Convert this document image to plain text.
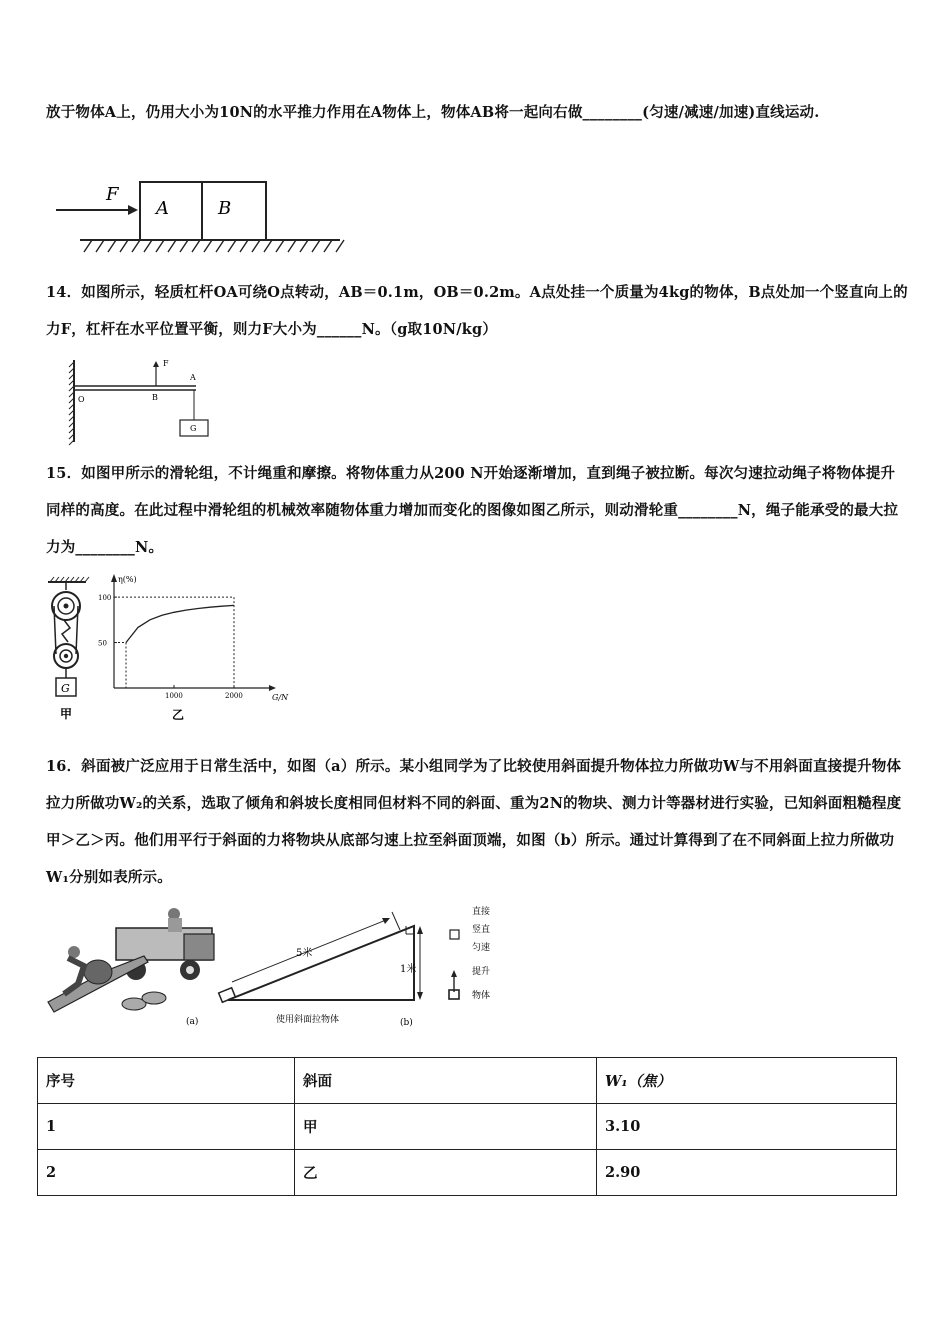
放于物体A上，仍用大小为10N的水平推力作用在A物体上，物体AB将一起向右做________(匀速/减速/加速)直线运动.
F
A	B
14．如图所示，轻质杠杆OA可绕O点转动，AB＝0.1m，OB＝0.2m。A点处挂一个质量为4kg的物体，B点处加一个竖直向上的力F，杠杆在水平位置平衡，则力F大小为______N。（g取10N/kg）
F
A
O	B
G
15．如图甲所示的滑轮组，不计绳重和摩擦。将物体重力从200 N开始逐渐增加，直到绳子被拉断。每次匀速拉动绳子将物体提升同样的高度。在此过程中滑轮组的机械效率随物体重力增加而变化的图像如图乙所示，则动滑轮重________N，绳子能承受的最大拉力为________N。
G
甲
50
100
1000	2000
η(%)
G/N
乙
16．斜面被广泛应用于日常生活中，如图（a）所示。某小组同学为了比较使用斜面提升物体拉力所做功W与不用斜面直接提升物体拉力所做功W₂的关系，选取了倾角和斜坡长度相同但材料不同的斜面、重为2N的物块、测力计等器材进行实验，已知斜面粗糙程度甲＞乙＞丙。他们用平行于斜面的力将物块从底部匀速上拉至斜面顶端，如图（b）所示。通过计算得到了在不同斜面上拉力所做功W₁分别如表所示。
(a)
5米
1米
使用斜面拉物体	(b)
直接
竖直
匀速
提升
物体
序号	斜面	W₁（焦）
1	甲	3.10
2	乙	2.90
